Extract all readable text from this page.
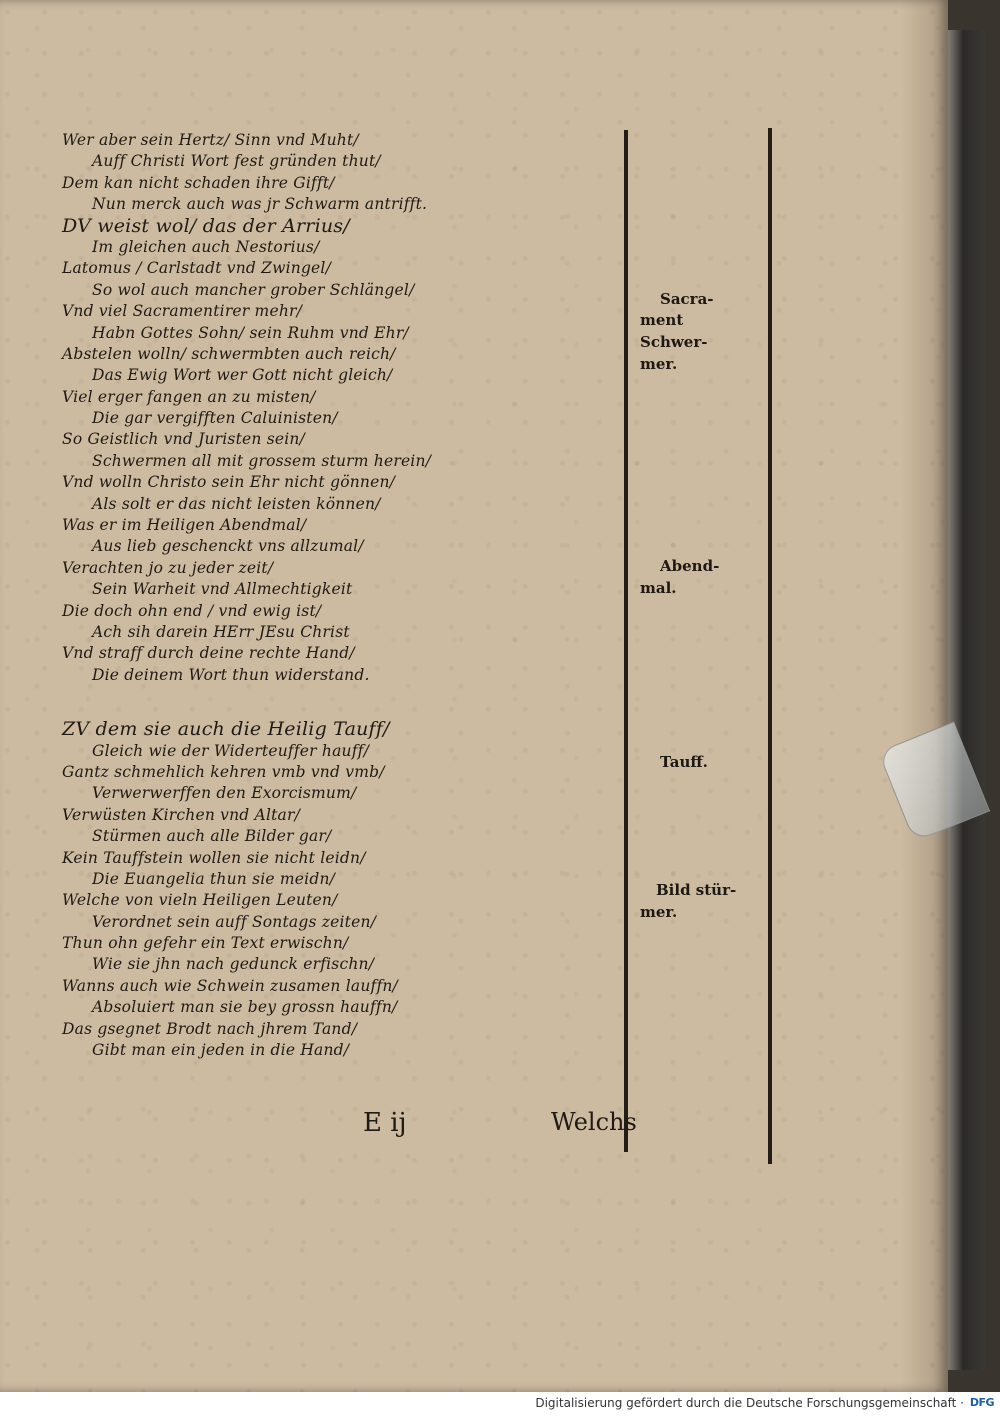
Wer aber sein Hertz/ Sinn vnd Muht/
Auff Christi Wort fest gründen thut/
Dem kan nicht schaden ihre Gifft/
Nun merck auch was jr Schwarm antrifft.
DV weist wol/ das der Arrius/
Im gleichen auch Nestorius/
Latomus / Carlstadt vnd Zwingel/
So wol auch mancher grober Schlängel/
Vnd viel Sacramentirer mehr/
Habn Gottes Sohn/ sein Ruhm vnd Ehr/
Abstelen wolln/ schwermbten auch reich/
Das Ewig Wort wer Gott nicht gleich/
Viel erger fangen an zu misten/
Die gar vergifften Caluinisten/
So Geistlich vnd Juristen sein/
Schwermen all mit grossem sturm herein/
Vnd wolln Christo sein Ehr nicht gönnen/
Als solt er das nicht leisten können/
Was er im Heiligen Abendmal/
Aus lieb geschenckt vns allzumal/
Verachten jo zu jeder zeit/
Sein Warheit vnd Allmechtigkeit
Die doch ohn end / vnd ewig ist/
Ach sih darein HErr JEsu Christ
Vnd straff durch deine rechte Hand/
Die deinem Wort thun widerstand.
ZV dem sie auch die Heilig Tauff/
Gleich wie der Widerteuffer hauff/
Gantz schmehlich kehren vmb vnd vmb/
Verwerwerffen den Exorcismum/
Verwüsten Kirchen vnd Altar/
Stürmen auch alle Bilder gar/
Kein Tauffstein wollen sie nicht leidn/
Die Euangelia thun sie meidn/
Welche von vieln Heiligen Leuten/
Verordnet sein auff Sontags zeiten/
Thun ohn gefehr ein Text erwischn/
Wie sie jhn nach gedunck erfischn/
Wanns auch wie Schwein zusamen lauffn/
Absoluiert man sie bey grossn hauffn/
Das gsegnet Brodt nach jhrem Tand/
Gibt man ein jeden in die Hand/
Sacra-
ment
Schwer-
mer.
Abend-
mal.
Tauff.
Bild stür-
mer.
E ij	Welchs
Digitalisierung gefördert durch die Deutsche Forschungsgemeinschaft · DFG
